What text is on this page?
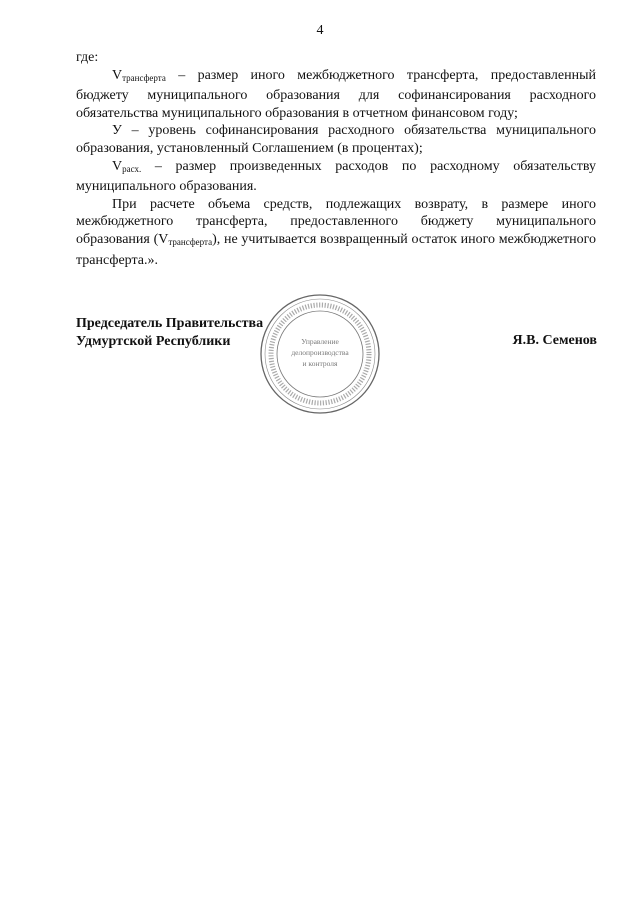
4

где:

$V_{трансферта}$ – размер иного межбюджетного трансферта, предоставленный бюджету муниципального образования для софинансирования расходного обязательства муниципального образования в отчетном финансовом году;

У – уровень софинансирования расходного обязательства муниципального образования, установленный Соглашением (в процентах);

$V_{расх.}$ – размер произведенных расходов по расходному обязательству муниципального образования.

При расчете объема средств, подлежащих возврату, в размере иного межбюджетного трансферта, предоставленного бюджету муниципального образования $(V_{трансферта})$, не учитывается возвращенный остаток иного межбюджетного трансферта.».

Председатель Правительства
Удмуртской Республики	Я.В. Семенов
Управление
делопроизводства
и контроля
